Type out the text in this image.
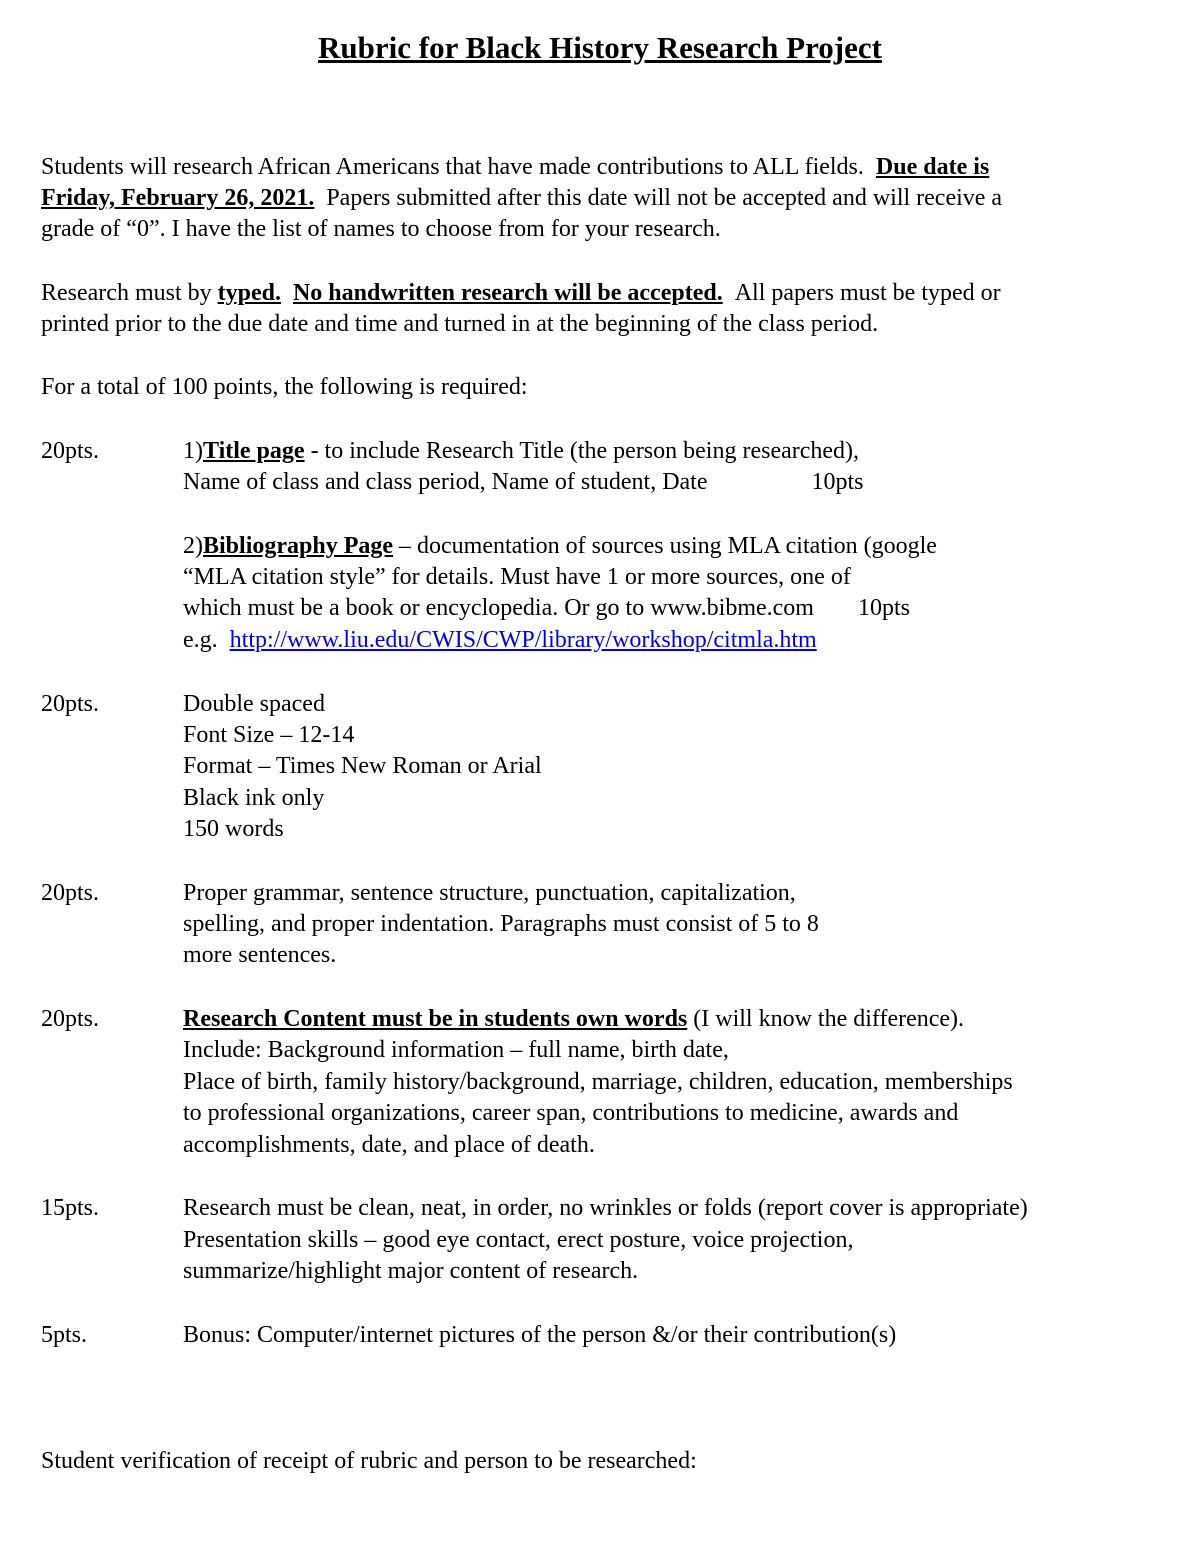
Rubric for Black History Research Project
Students will research African Americans that have made contributions to ALL fields. Due date is
Friday, February 26, 2021. Papers submitted after this date will not be accepted and will receive a
grade of “0”. I have the list of names to choose from for your research.
Research must by typed. No handwritten research will be accepted. All papers must be typed or
printed prior to the due date and time and turned in at the beginning of the class period.
For a total of 100 points, the following is required:
20pts.	1)Title page - to include Research Title (the person being researched),
Name of class and class period, Name of student, Date	10pts
2)Bibliography Page – documentation of sources using MLA citation (google
“MLA citation style” for details. Must have 1 or more sources, one of
which must be a book or encyclopedia. Or go to www.bibme.com 10pts
e.g. http://www.liu.edu/CWIS/CWP/library/workshop/citmla.htm
20pts.	Double spaced
Font Size – 12-14
Format – Times New Roman or Arial
Black ink only
150 words
20pts.	Proper grammar, sentence structure, punctuation, capitalization,
spelling, and proper indentation. Paragraphs must consist of 5 to 8
more sentences.
20pts.	Research Content must be in students own words (I will know the difference).
Include: Background information – full name, birth date,
Place of birth, family history/background, marriage, children, education, memberships
to professional organizations, career span, contributions to medicine, awards and
accomplishments, date, and place of death.
15pts.	Research must be clean, neat, in order, no wrinkles or folds (report cover is appropriate)
Presentation skills – good eye contact, erect posture, voice projection,
summarize/highlight major content of research.
5pts.	Bonus: Computer/internet pictures of the person &/or their contribution(s)
Student verification of receipt of rubric and person to be researched:
